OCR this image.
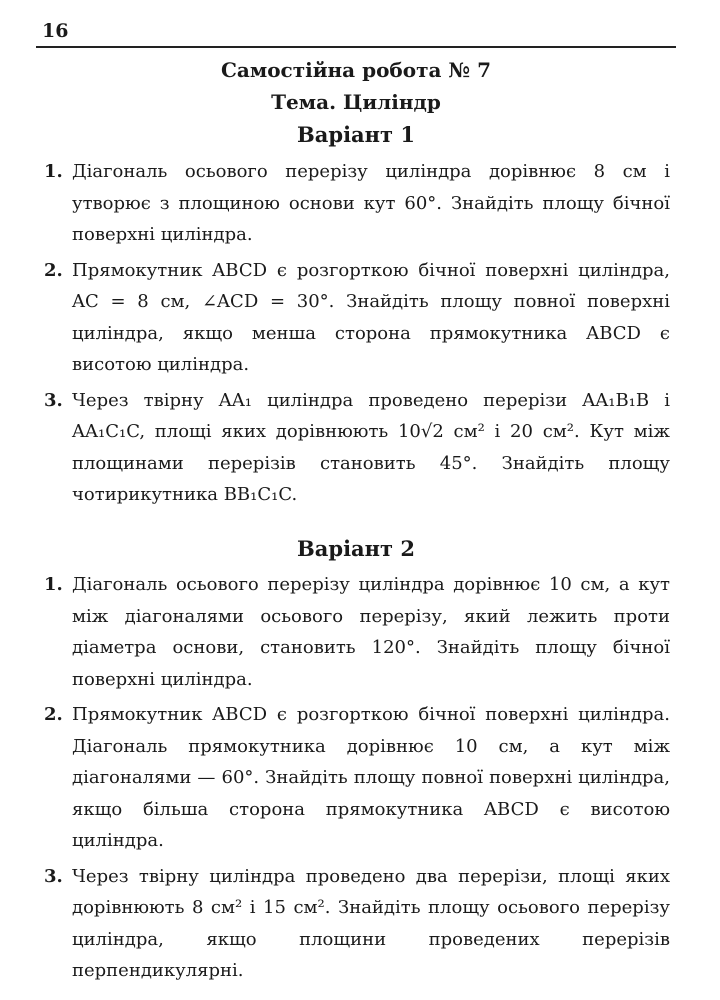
16
Самостійна робота № 7
Тема. Циліндр
Варіант 1
1. Діагональ осьового перерізу циліндра дорівнює 8 см і утворює з площиною основи кут 60°. Знайдіть площу бічної поверхні циліндра.
2. Прямокутник ABCD є розгорткою бічної поверхні циліндра, AC = 8 см, ∠ACD = 30°. Знайдіть площу повної поверхні циліндра, якщо менша сторона прямокутника ABCD є висотою циліндра.
3. Через твірну AA₁ циліндра проведено перерізи AA₁B₁B і AA₁C₁C, площі яких дорівнюють 10√2 см² і 20 см². Кут між площинами перерізів становить 45°. Знайдіть площу чотирикутника BB₁C₁C.
Варіант 2
1. Діагональ осьового перерізу циліндра дорівнює 10 см, а кут між діагоналями осьового перерізу, який лежить проти діаметра основи, становить 120°. Знайдіть площу бічної поверхні циліндра.
2. Прямокутник ABCD є розгорткою бічної поверхні циліндра. Діагональ прямокутника дорівнює 10 см, а кут між діагоналями — 60°. Знайдіть площу повної поверхні циліндра, якщо більша сторона прямокутника ABCD є висотою циліндра.
3. Через твірну циліндра проведено два перерізи, площі яких дорівнюють 8 см² і 15 см². Знайдіть площу осьового перерізу циліндра, якщо площини проведених перерізів перпендикулярні.
